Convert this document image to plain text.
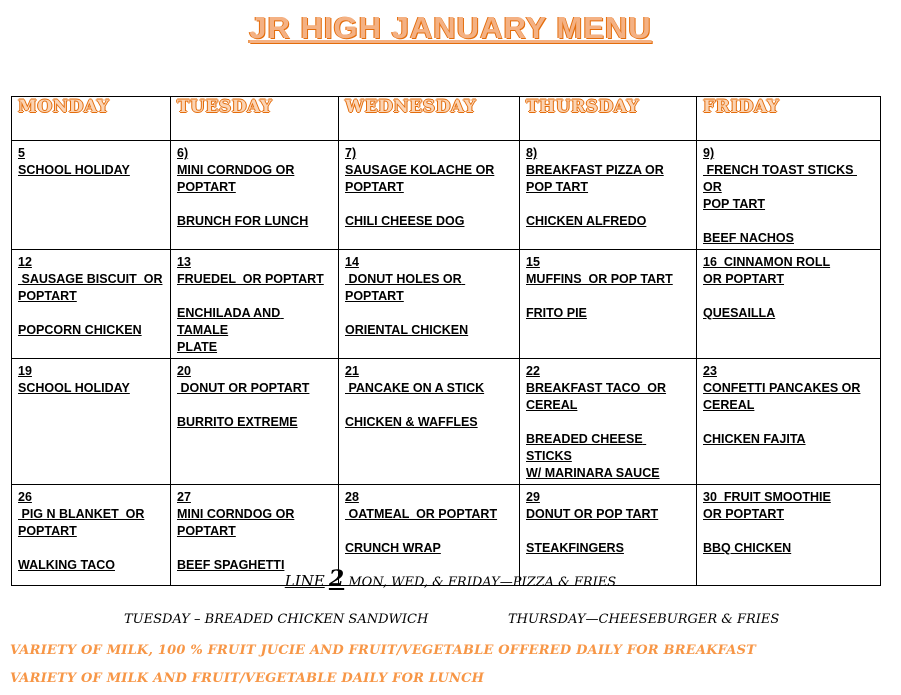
JR HIGH JANUARY MENU
MONDAY	TUESDAY	WEDNESDAY	THURSDAY	FRIDAY

5
SCHOOL HOLIDAY	6)
MINI CORNDOG OR
POPTART
BRUNCH FOR LUNCH	7)
SAUSAGE KOLACHE OR
POPTART
CHILI CHEESE DOG	8)
BREAKFAST PIZZA OR
POP TART
CHICKEN ALFREDO	9)
FRENCH TOAST STICKS OR
POP TART
BEEF NACHOS

12
SAUSAGE BISCUIT  OR
POPTART
POPCORN CHICKEN	13
FRUEDEL  OR POPTART
ENCHILADA AND TAMALE
PLATE	14
DONUT HOLES OR POPTART
ORIENTAL CHICKEN	15
MUFFINS  OR POP TART
FRITO PIE	16  CINNAMON ROLL
OR POPTART
QUESAILLA

19
SCHOOL HOLIDAY	20
DONUT OR POPTART
BURRITO EXTREME	21
PANCAKE ON A STICK
CHICKEN & WAFFLES	22
BREAKFAST TACO  OR
CEREAL
BREADED CHEESE STICKS
W/ MARINARA SAUCE	23
CONFETTI PANCAKES OR
CEREAL
CHICKEN FAJITA

26
PIG N BLANKET  OR
POPTART
WALKING TACO	27
MINI CORNDOG OR
POPTART
BEEF SPAGHETTI	28
OATMEAL  OR POPTART
CRUNCH WRAP	29
DONUT OR POP TART
STEAKFINGERS	30  FRUIT SMOOTHIE
OR POPTART
BBQ CHICKEN
LINE 2 MON, WED, & FRIDAY—PIZZA & FRIES
TUESDAY – BREADED CHICKEN SANDWICH	THURSDAY—CHEESEBURGER & FRIES
VARIETY OF MILK, 100 % FRUIT JUCIE AND FRUIT/VEGETABLE OFFERED DAILY FOR BREAKFAST
VARIETY OF MILK AND FRUIT/VEGETABLE DAILY FOR LUNCH
